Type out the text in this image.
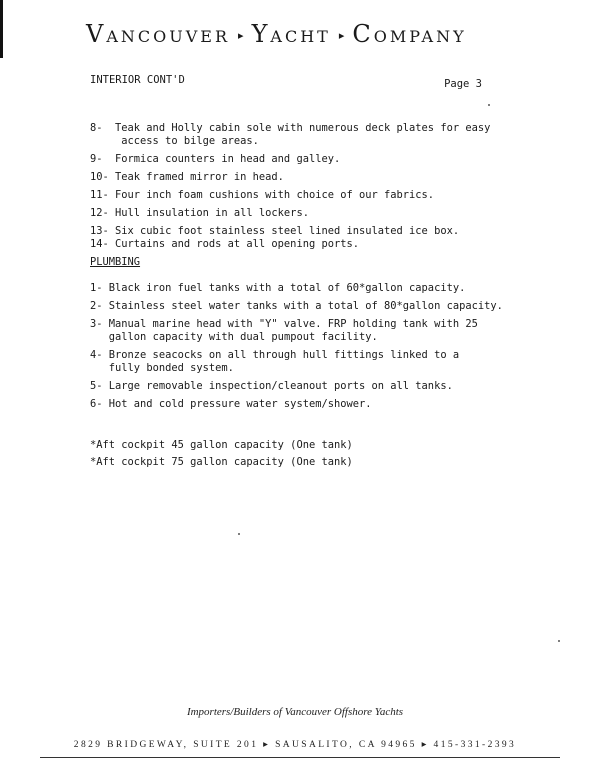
VANCOUVER ▸ YACHT ▸ COMPANY
INTERIOR CONT'D	Page 3
8-  Teak and Holly cabin sole with numerous deck plates for easy
access to bilge areas.
9-  Formica counters in head and galley.
10- Teak framed mirror in head.
11- Four inch foam cushions with choice of our fabrics.
12- Hull insulation in all lockers.
13- Six cubic foot stainless steel lined insulated ice box.
14- Curtains and rods at all opening ports.
PLUMBING
1- Black iron fuel tanks with a total of 60*gallon capacity.
2- Stainless steel water tanks with a total of 80*gallon capacity.
3- Manual marine head with "Y" valve. FRP holding tank with 25
gallon capacity with dual pumpout facility.
4- Bronze seacocks on all through hull fittings linked to a
fully bonded system.
5- Large removable inspection/cleanout ports on all tanks.
6- Hot and cold pressure water system/shower.
*Aft cockpit 45 gallon capacity (One tank)
*Aft cockpit 75 gallon capacity (One tank)
Importers/Builders of Vancouver Offshore Yachts
2829 BRIDGEWAY, SUITE 201 ▸ SAUSALITO, CA 94965 ▸ 415-331-2393
